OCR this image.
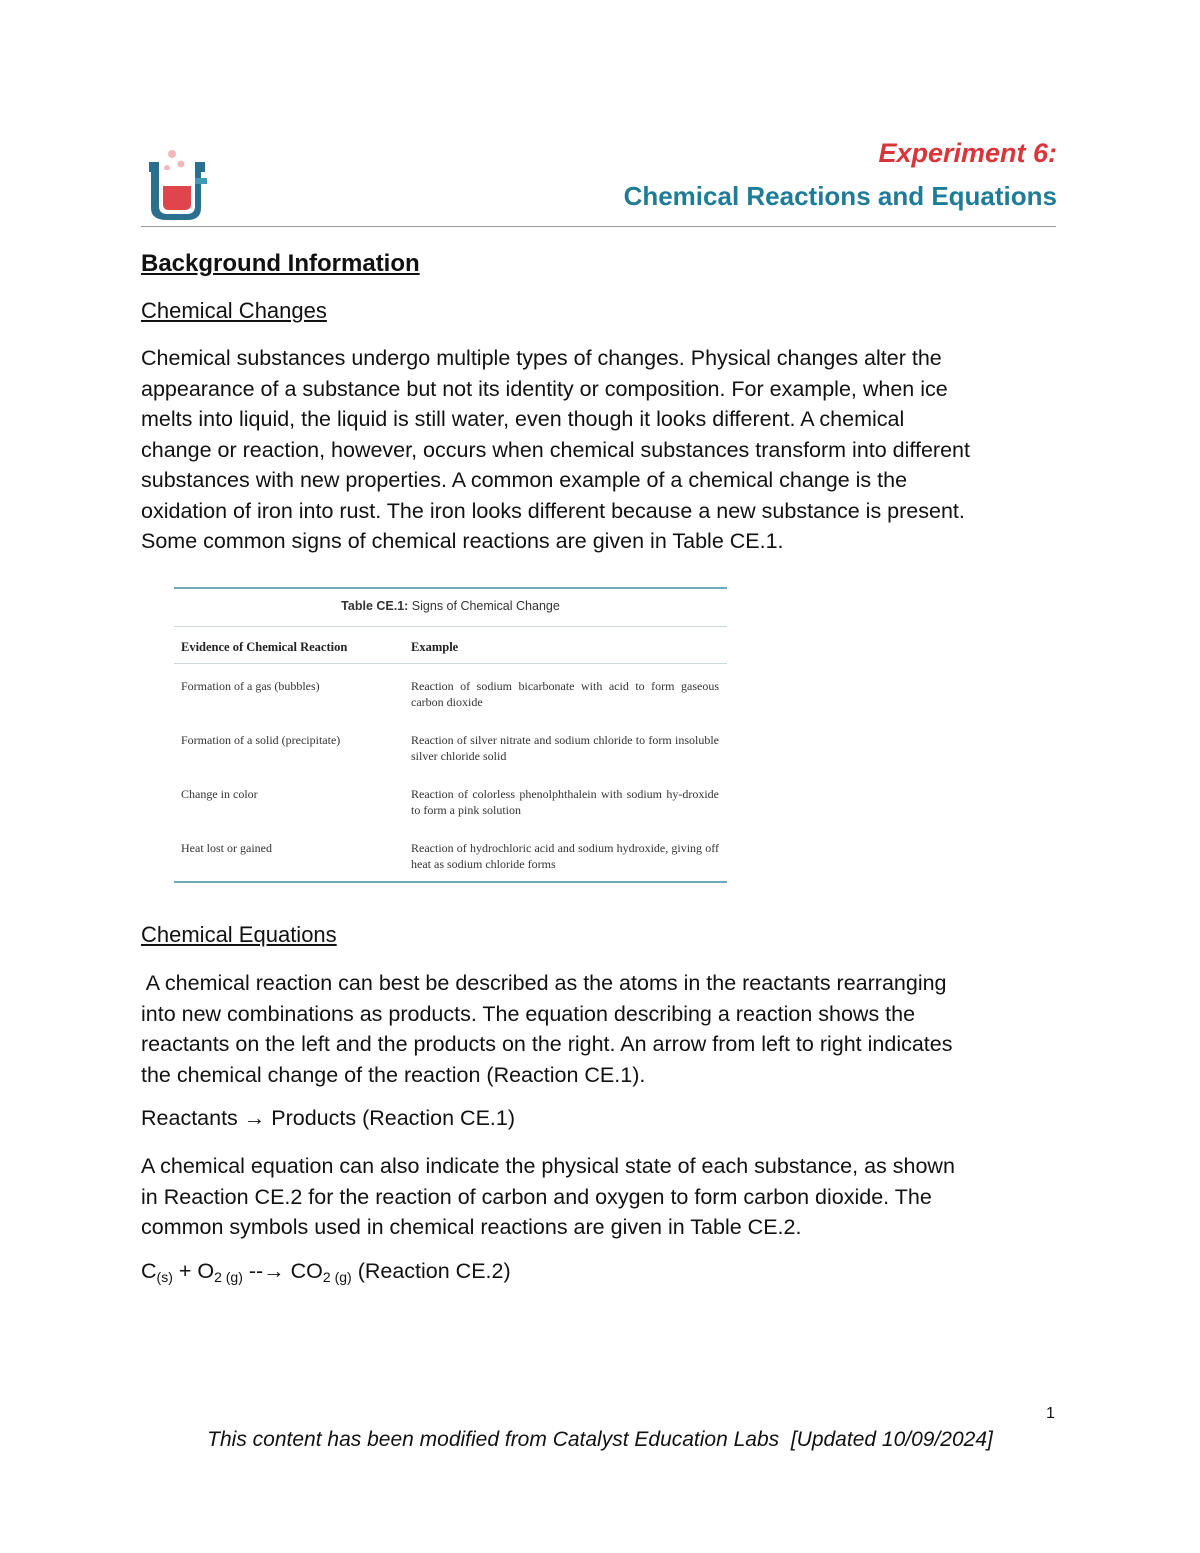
Experiment 6:
Chemical Reactions and Equations
Background Information
Chemical Changes
Chemical substances undergo multiple types of changes. Physical changes alter the
appearance of a substance but not its identity or composition. For example, when ice
melts into liquid, the liquid is still water, even though it looks different. A chemical
change or reaction, however, occurs when chemical substances transform into different
substances with new properties. A common example of a chemical change is the
oxidation of iron into rust. The iron looks different because a new substance is present.
Some common signs of chemical reactions are given in Table CE.1.
Table CE.1: Signs of Chemical Change
Evidence of Chemical Reaction	Example
Formation of a gas (bubbles)	Reaction of sodium bicarbonate with acid to form gaseous carbon dioxide
Formation of a solid (precipitate)	Reaction of silver nitrate and sodium chloride to form insoluble silver chloride solid
Change in color	Reaction of colorless phenolphthalein with sodium hy-droxide to form a pink solution
Heat lost or gained	Reaction of hydrochloric acid and sodium hydroxide, giving off heat as sodium chloride forms
Chemical Equations
A chemical reaction can best be described as the atoms in the reactants rearranging
into new combinations as products. The equation describing a reaction shows the
reactants on the left and the products on the right. An arrow from left to right indicates
the chemical change of the reaction (Reaction CE.1).
Reactants → Products (Reaction CE.1)
A chemical equation can also indicate the physical state of each substance, as shown
in Reaction CE.2 for the reaction of carbon and oxygen to form carbon dioxide. The
common symbols used in chemical reactions are given in Table CE.2.
$C_{(s)} + O_{2 (g)}$ --→ $CO_{2 (g)}$ (Reaction CE.2)
1
This content has been modified from Catalyst Education Labs  [Updated 10/09/2024]
